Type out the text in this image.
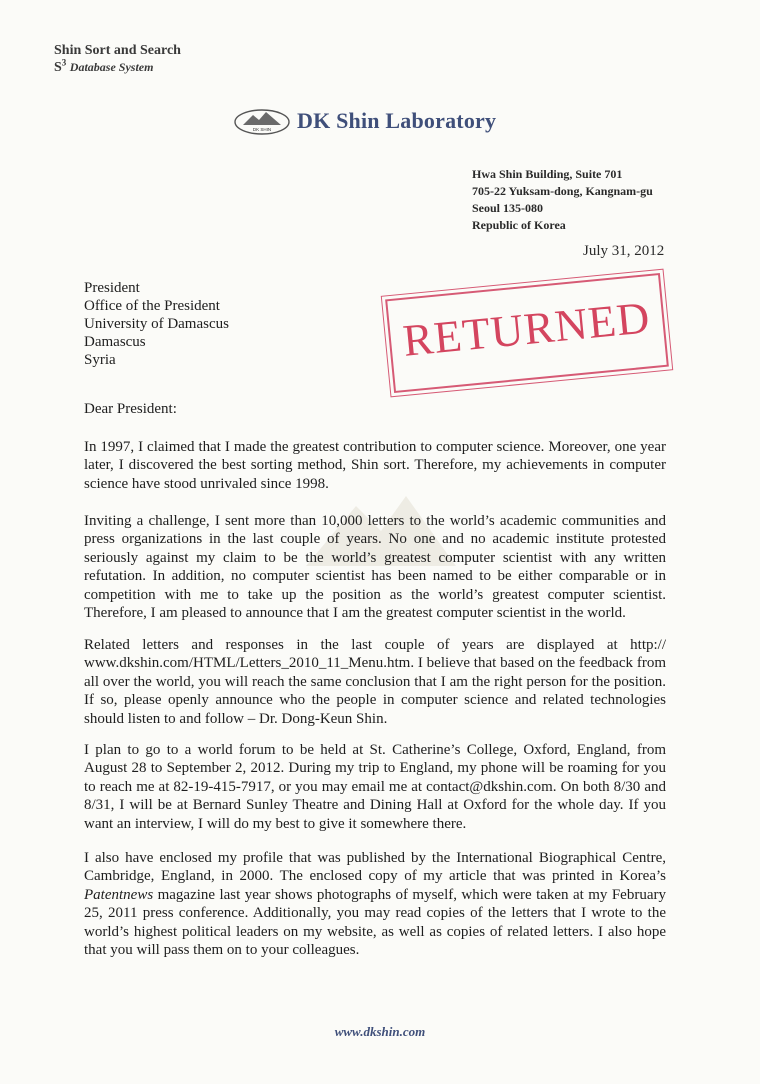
Shin Sort and Search
$S^3$ Database System
DK SHIN DK Shin Laboratory
Hwa Shin Building, Suite 701
705-22 Yuksam-dong, Kangnam-gu
Seoul 135-080
Republic of Korea
July 31, 2012
President
Office of the President
University of Damascus
Damascus
Syria	RETURNED
Dear President:
In 1997, I claimed that I made the greatest contribution to computer science. Moreover, one year later, I discovered the best sorting method, Shin sort. Therefore, my achievements in computer science have stood unrivaled since 1998.
Inviting a challenge, I sent more than 10,000 letters to the world’s academic communities and press organizations in the last couple of years. No one and no academic institute protested seriously against my claim to be the world’s greatest computer scientist with any written refutation. In addition, no computer scientist has been named to be either comparable or in competition with me to take up the position as the world’s greatest computer scientist. Therefore, I am pleased to announce that I am the greatest computer scientist in the world.
Related letters and responses in the last couple of years are displayed at http:// www.dkshin.com/HTML/Letters_2010_11_Menu.htm. I believe that based on the feedback from all over the world, you will reach the same conclusion that I am the right person for the position. If so, please openly announce who the people in computer science and related technologies should listen to and follow – Dr. Dong-Keun Shin.
I plan to go to a world forum to be held at St. Catherine’s College, Oxford, England, from August 28 to September 2, 2012. During my trip to England, my phone will be roaming for you to reach me at 82-19-415-7917, or you may email me at contact@dkshin.com. On both 8/30 and 8/31, I will be at Bernard Sunley Theatre and Dining Hall at Oxford for the whole day. If you want an interview, I will do my best to give it somewhere there.
I also have enclosed my profile that was published by the International Biographical Centre, Cambridge, England, in 2000. The enclosed copy of my article that was printed in Korea’s Patentnews magazine last year shows photographs of myself, which were taken at my February 25, 2011 press conference. Additionally, you may read copies of the letters that I wrote to the world’s highest political leaders on my website, as well as copies of related letters. I also hope that you will pass them on to your colleagues.
www.dkshin.com
